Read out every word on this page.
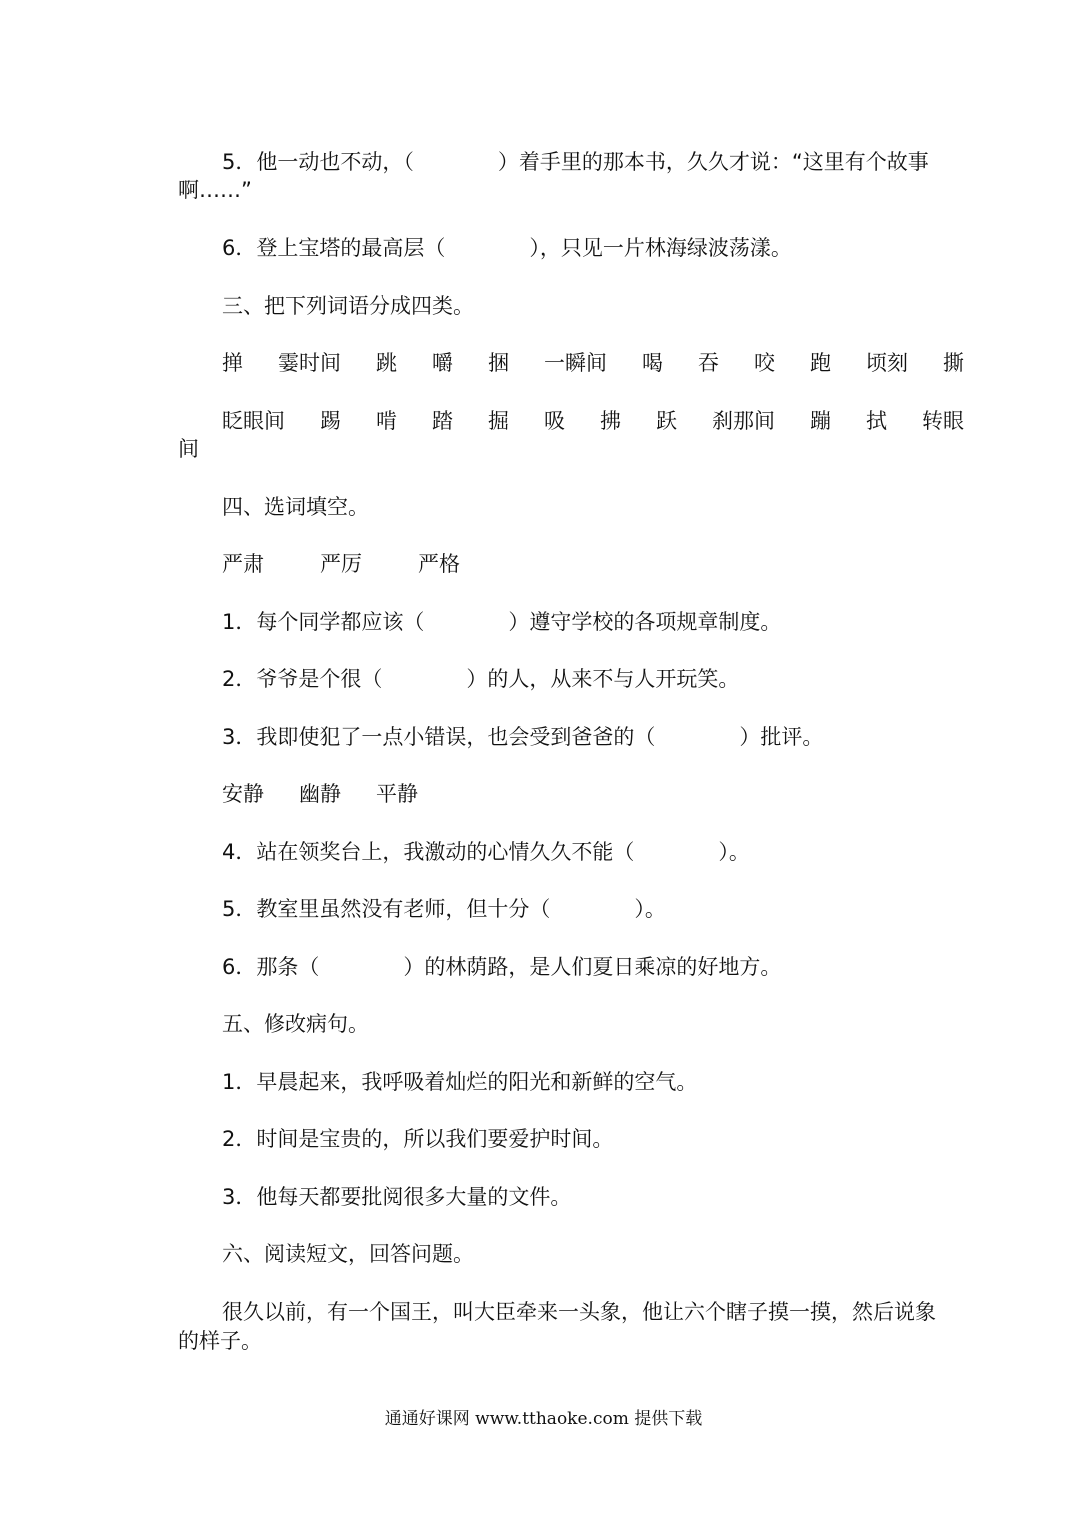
5．他一动也不动，（　　　　）着手里的那本书，久久才说：“这里有个故事
啊……”
6．登上宝塔的最高层（　　　　），只见一片林海绿波荡漾。
三、把下列词语分成四类。
掸 霎时间 跳 嚼 捆 一瞬间 喝 吞 咬 跑 顷刻 撕
眨眼间 踢 啃 踏 掘 吸 拂 跃 刹那间 蹦 拭 转眼
间
四、选词填空。
严肃	严厉	严格
1．每个同学都应该（　　　　）遵守学校的各项规章制度。
2．爷爷是个很（　　　　）的人，从来不与人开玩笑。
3．我即使犯了一点小错误，也会受到爸爸的（　　　　）批评。
安静 幽静 平静
4．站在领奖台上，我激动的心情久久不能（　　　　）。
5．教室里虽然没有老师，但十分（　　　　）。
6．那条（　　　　）的林荫路，是人们夏日乘凉的好地方。
五、修改病句。
1．早晨起来，我呼吸着灿烂的阳光和新鲜的空气。
2．时间是宝贵的，所以我们要爱护时间。
3．他每天都要批阅很多大量的文件。
六、阅读短文，回答问题。
很久以前，有一个国王，叫大臣牵来一头象，他让六个瞎子摸一摸，然后说象
的样子。
通通好课网 www.tthaoke.com 提供下载
